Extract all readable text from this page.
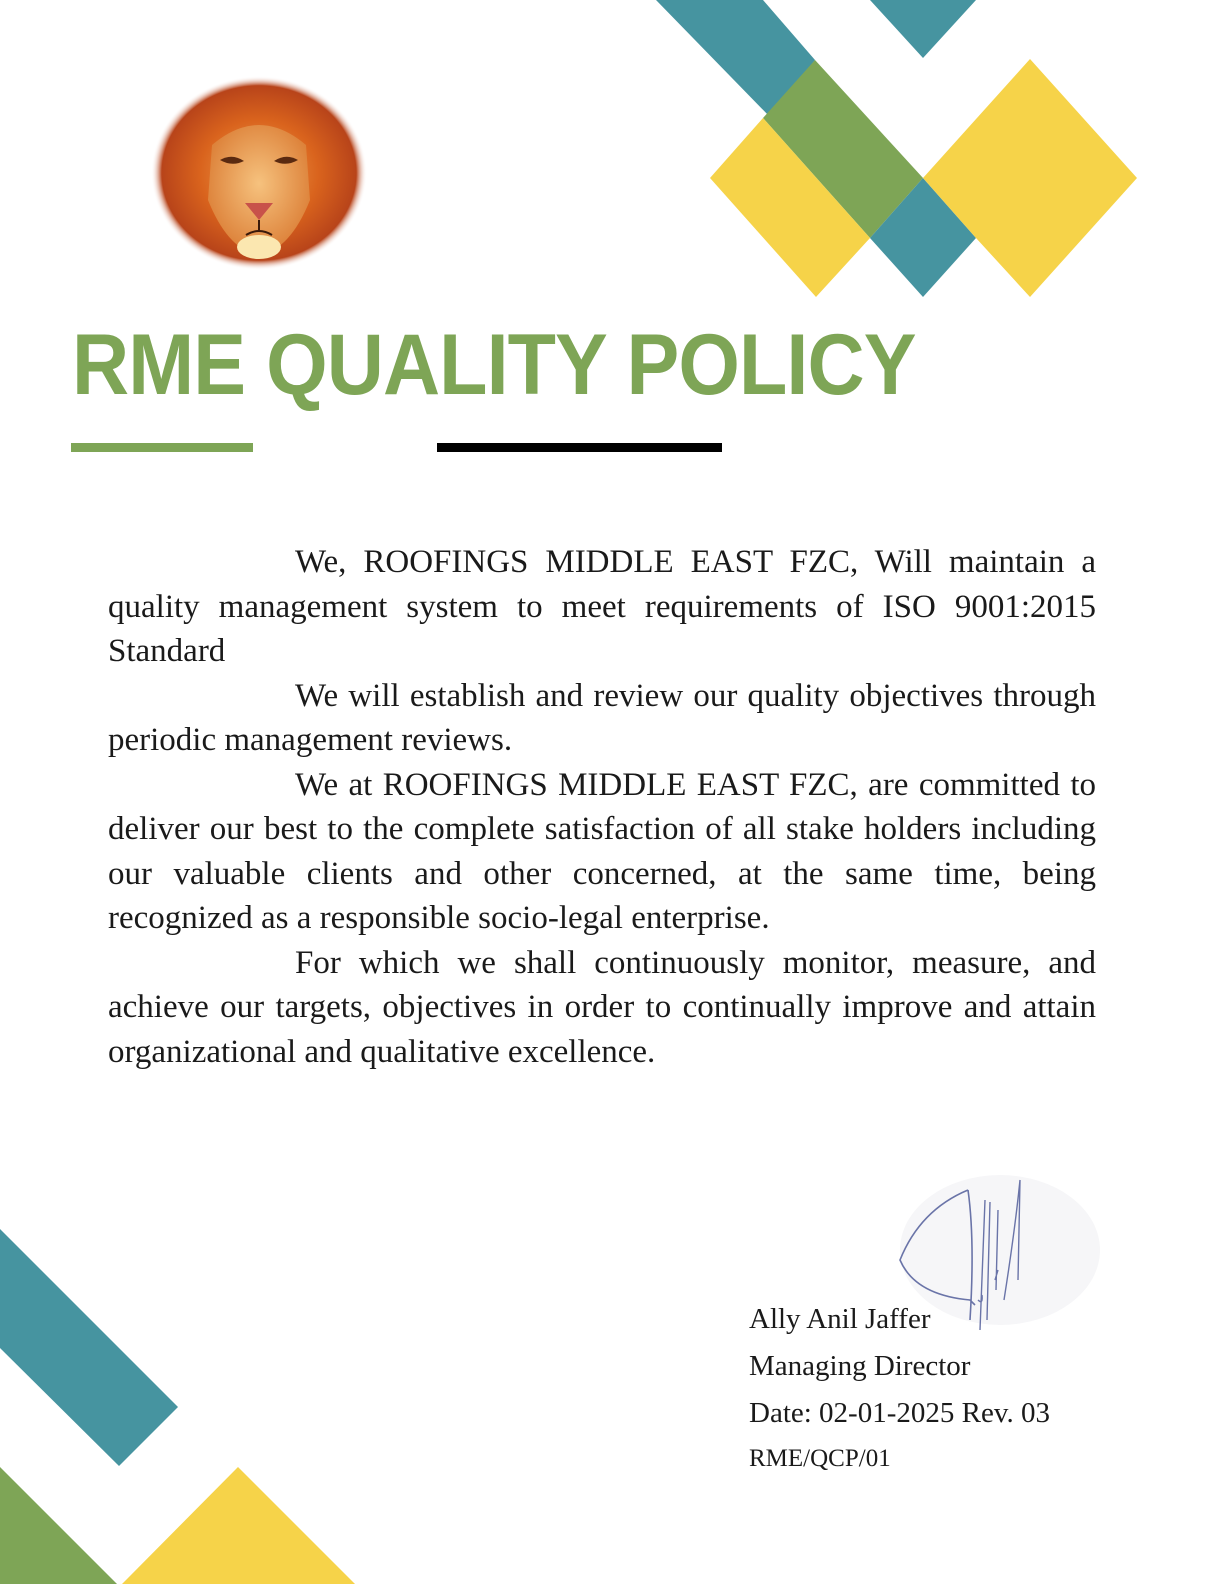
RME QUALITY POLICY

We, ROOFINGS MIDDLE EAST FZC, Will maintain a quality management system to meet requirements of ISO 9001:2015 Standard

We will establish and review our quality objectives through periodic management reviews.

We at ROOFINGS MIDDLE EAST FZC, are committed to deliver our best to the complete satisfaction of all stake holders including our valuable clients and other concerned, at the same time, being recognized as a responsible socio-legal enterprise.

For which we shall continuously monitor, measure, and achieve our targets, objectives in order to continually improve and attain organizational and qualitative excellence.

Ally Anil Jaffer
Managing Director
Date: 02-01-2025 Rev. 03
RME/QCP/01
